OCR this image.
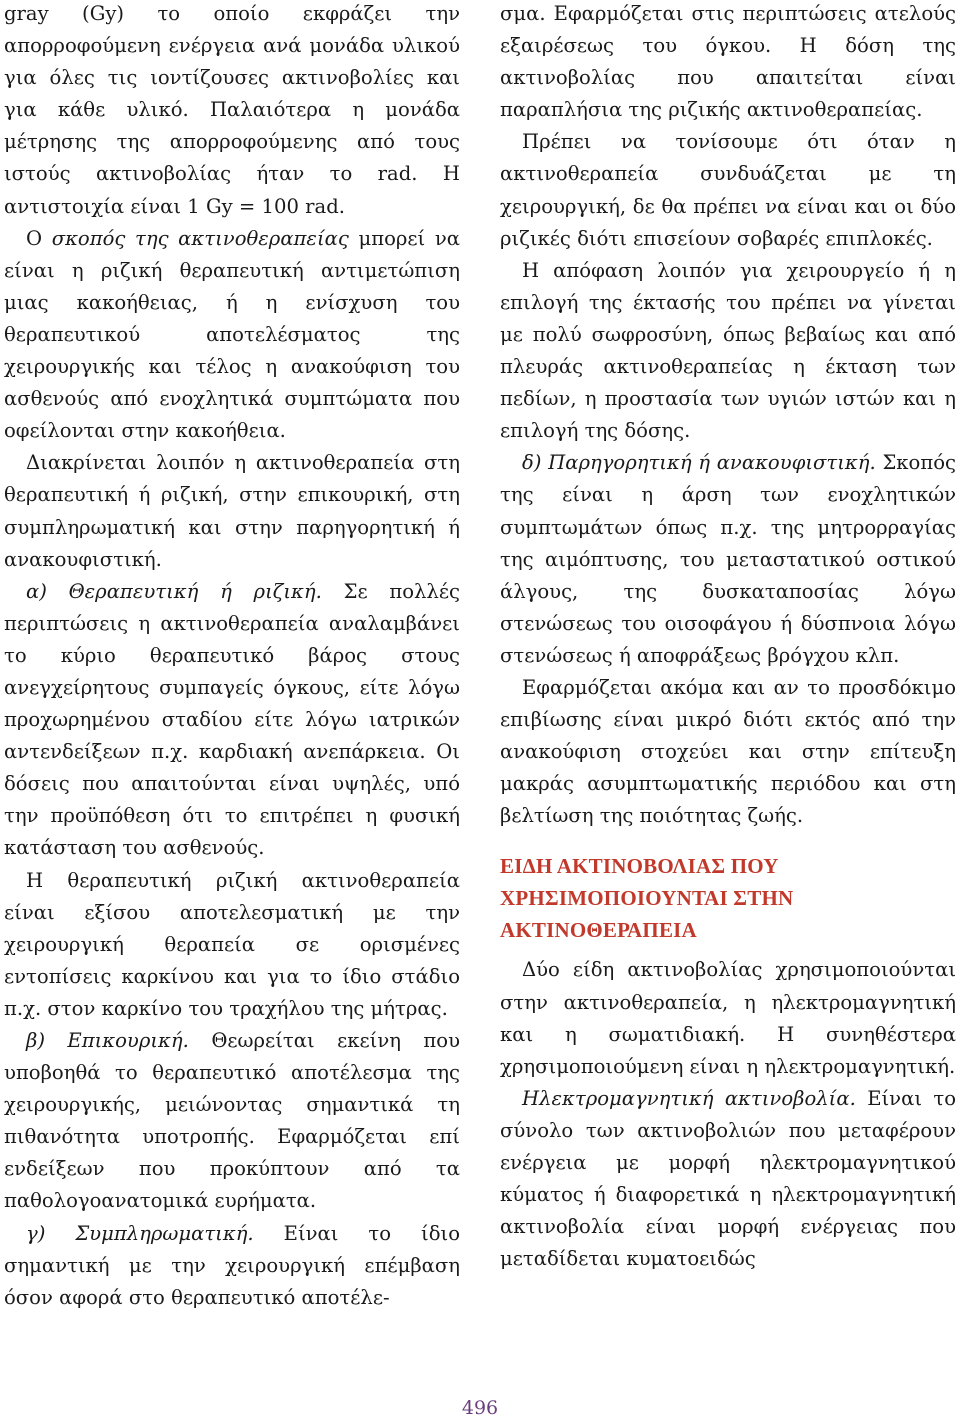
gray (Gy) το οποίο εκφράζει την απορροφούμενη ενέργεια ανά μονάδα υλικού για όλες τις ιοντίζουσες ακτινοβολίες και για κάθε υλικό. Παλαιότερα η μονάδα μέτρησης της απορροφούμενης από τους ιστούς ακτινοβολίας ήταν το rad. Η αντιστοιχία είναι 1 Gy = 100 rad.

Ο σκοπός της ακτινοθεραπείας μπορεί να είναι η ριζική θεραπευτική αντιμετώπιση μιας κακοήθειας, ή η ενίσχυση του θεραπευτικού αποτελέσματος της χειρουργικής και τέλος η ανακούφιση του ασθενούς από ενοχλητικά συμπτώματα που οφείλονται στην κακοήθεια.

Διακρίνεται λοιπόν η ακτινοθεραπεία στη θεραπευτική ή ριζική, στην επικουρική, στη συμπληρωματική και στην παρηγορητική ή ανακουφιστική.

α) Θεραπευτική ή ριζική. Σε πολλές περιπτώσεις η ακτινοθεραπεία αναλαμβάνει το κύριο θεραπευτικό βάρος στους ανεγχείρητους συμπαγείς όγκους, είτε λόγω προχωρημένου σταδίου είτε λόγω ιατρικών αντενδείξεων π.χ. καρδιακή ανεπάρκεια. Οι δόσεις που απαιτούνται είναι υψηλές, υπό την προϋπόθεση ότι το επιτρέπει η φυσική κατάσταση του ασθενούς.

Η θεραπευτική ριζική ακτινοθεραπεία είναι εξίσου αποτελεσματική με την χειρουργική θεραπεία σε ορισμένες εντοπίσεις καρκίνου και για το ίδιο στάδιο π.χ. στον καρκίνο του τραχήλου της μήτρας.

β) Επικουρική. Θεωρείται εκείνη που υποβοηθά το θεραπευτικό αποτέλεσμα της χειρουργικής, μειώνοντας σημαντικά τη πιθανότητα υποτροπής. Εφαρμόζεται επί ενδείξεων που προκύπτουν από τα παθολογοανατομικά ευρήματα.

γ) Συμπληρωματική. Είναι το ίδιο σημαντική με την χειρουργική επέμβαση όσον αφορά στο θεραπευτικό αποτέλε-

σμα. Εφαρμόζεται στις περιπτώσεις ατελούς εξαιρέσεως του όγκου. Η δόση της ακτινοβολίας που απαιτείται είναι παραπλήσια της ριζικής ακτινοθεραπείας.

Πρέπει να τονίσουμε ότι όταν η ακτινοθεραπεία συνδυάζεται με τη χειρουργική, δε θα πρέπει να είναι και οι δύο ριζικές διότι επισείουν σοβαρές επιπλοκές.

Η απόφαση λοιπόν για χειρουργείο ή η επιλογή της έκτασής του πρέπει να γίνεται με πολύ σωφροσύνη, όπως βεβαίως και από πλευράς ακτινοθεραπείας η έκταση των πεδίων, η προστασία των υγιών ιστών και η επιλογή της δόσης.

δ) Παρηγορητική ή ανακουφιστική. Σκοπός της είναι η άρση των ενοχλητικών συμπτωμάτων όπως π.χ. της μητρορραγίας της αιμόπτυσης, του μεταστατικού οστικού άλγους, της δυσκαταποσίας λόγω στενώσεως του οισοφάγου ή δύσπνοια λόγω στενώσεως ή αποφράξεως βρόγχου κλπ.

Εφαρμόζεται ακόμα και αν το προσδόκιμο επιβίωσης είναι μικρό διότι εκτός από την ανακούφιση στοχεύει και στην επίτευξη μακράς ασυμπτωματικής περιόδου και στη βελτίωση της ποιότητας ζωής.

ΕΙΔΗ ΑΚΤΙΝΟΒΟΛΙΑΣ ΠΟΥ ΧΡΗΣΙΜΟΠΟΙΟΥΝΤΑΙ ΣΤΗΝ ΑΚΤΙΝΟΘΕΡΑΠΕΙΑ

Δύο είδη ακτινοβολίας χρησιμοποιούνται στην ακτινοθεραπεία, η ηλεκτρομαγνητική και η σωματιδιακή. Η συνηθέστερα χρησιμοποιούμενη είναι η ηλεκτρομαγνητική.

Ηλεκτρομαγνητική ακτινοβολία. Είναι το σύνολο των ακτινοβολιών που μεταφέρουν ενέργεια με μορφή ηλεκτρομαγνητικού κύματος ή διαφορετικά η ηλεκτρομαγνητική ακτινοβολία είναι μορφή ενέργειας που μεταδίδεται κυματοειδώς

496
